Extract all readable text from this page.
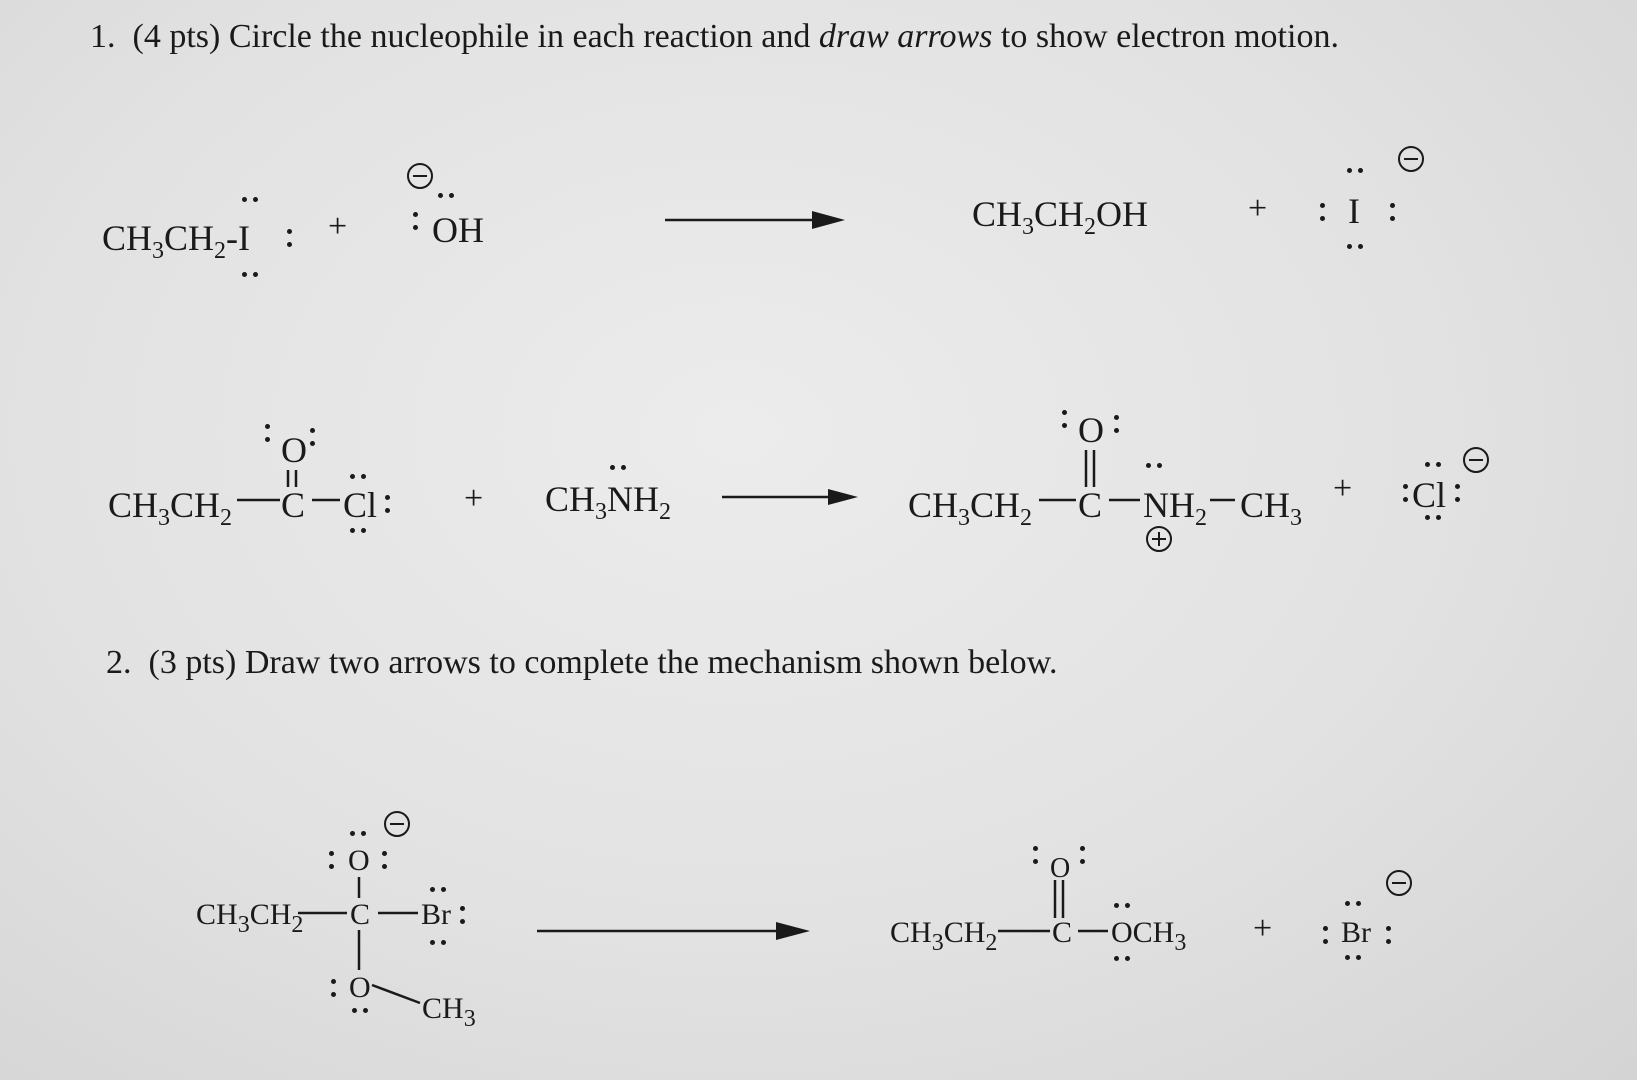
1. (4 pts) Circle the nucleophile in each reaction and draw arrows to show electron motion.
$CH_3CH_2-I$ + OH	$CH_3CH_2OH$	+ I
$CH_3CH_2$ C
O
Cl	+ $CH_3NH_2$	$CH_3CH_2$ C
O
$NH_2$ $CH_3$
+ Cl
2. (3 pts) Draw two arrows to complete the mechanism shown below.
$CH_3CH_2$ C
O
Br
O
$CH_3$
$CH_3CH_2$ C
O
$OCH_3 + Br$
